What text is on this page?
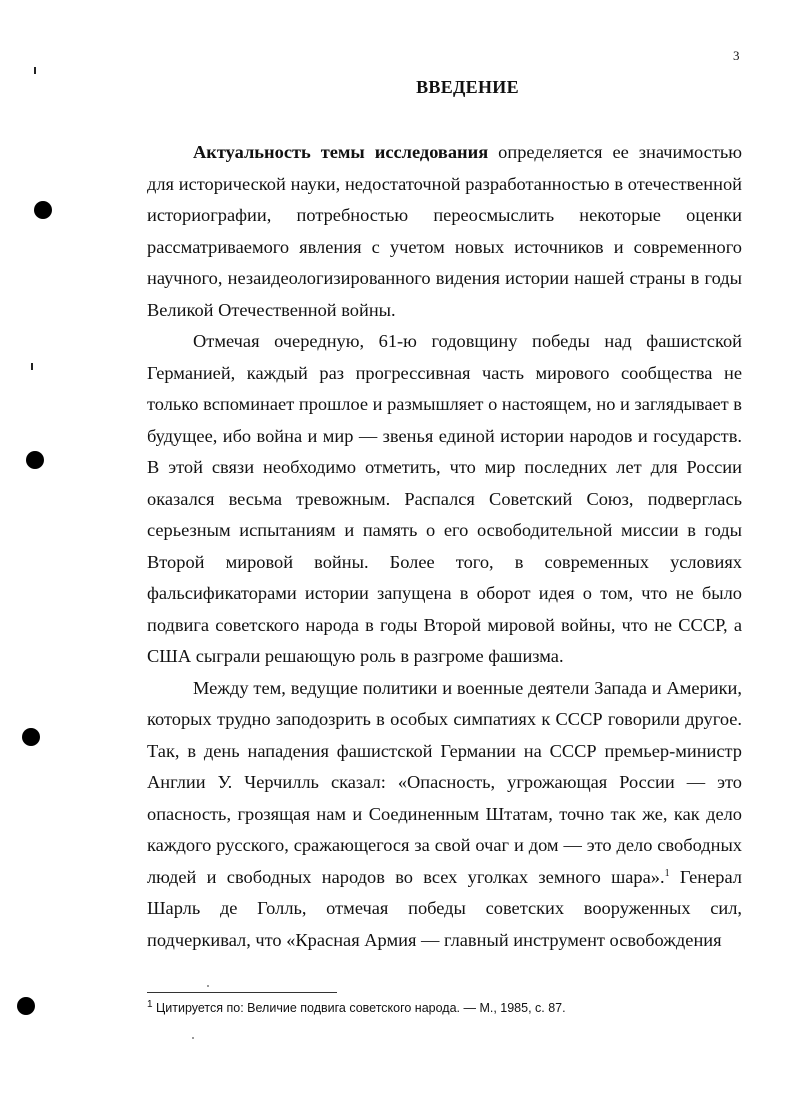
3
ВВЕДЕНИЕ

Актуальность темы исследования определяется ее значимостью для исторической науки, недостаточной разработанностью в отечественной историографии, потребностью переосмыслить некоторые оценки рассматриваемого явления с учетом новых источников и современного научного, незаидеологизированного видения истории нашей страны в годы Великой Отечественной войны.

Отмечая очередную, 61-ю годовщину победы над фашистской Германией, каждый раз прогрессивная часть мирового сообщества не только вспоминает прошлое и размышляет о настоящем, но и заглядывает в будущее, ибо война и мир — звенья единой истории народов и государств. В этой связи необходимо отметить, что мир последних лет для России оказался весьма тревожным. Распался Советский Союз, подверглась серьезным испытаниям и память о его освободительной миссии в годы Второй мировой войны. Более того, в современных условиях фальсификаторами истории запущена в оборот идея о том, что не было подвига советского народа в годы Второй мировой войны, что не СССР, а США сыграли решающую роль в разгроме фашизма.

Между тем, ведущие политики и военные деятели Запада и Америки, которых трудно заподозрить в особых симпатиях к СССР говорили другое. Так, в день нападения фашистской Германии на СССР премьер-министр Англии У. Черчилль сказал: «Опасность, угрожающая России — это опасность, грозящая нам и Соединенным Штатам, точно так же, как дело каждого русского, сражающегося за свой очаг и дом — это дело свободных людей и свободных народов во всех уголках земного шара».$^1$ Генерал Шарль де Голль, отмечая победы советских вооруженных сил, подчеркивал, что «Красная Армия — главный инструмент освобождения

$^1$ Цитируется по: Величие подвига советского народа. — М., 1985, с. 87.
